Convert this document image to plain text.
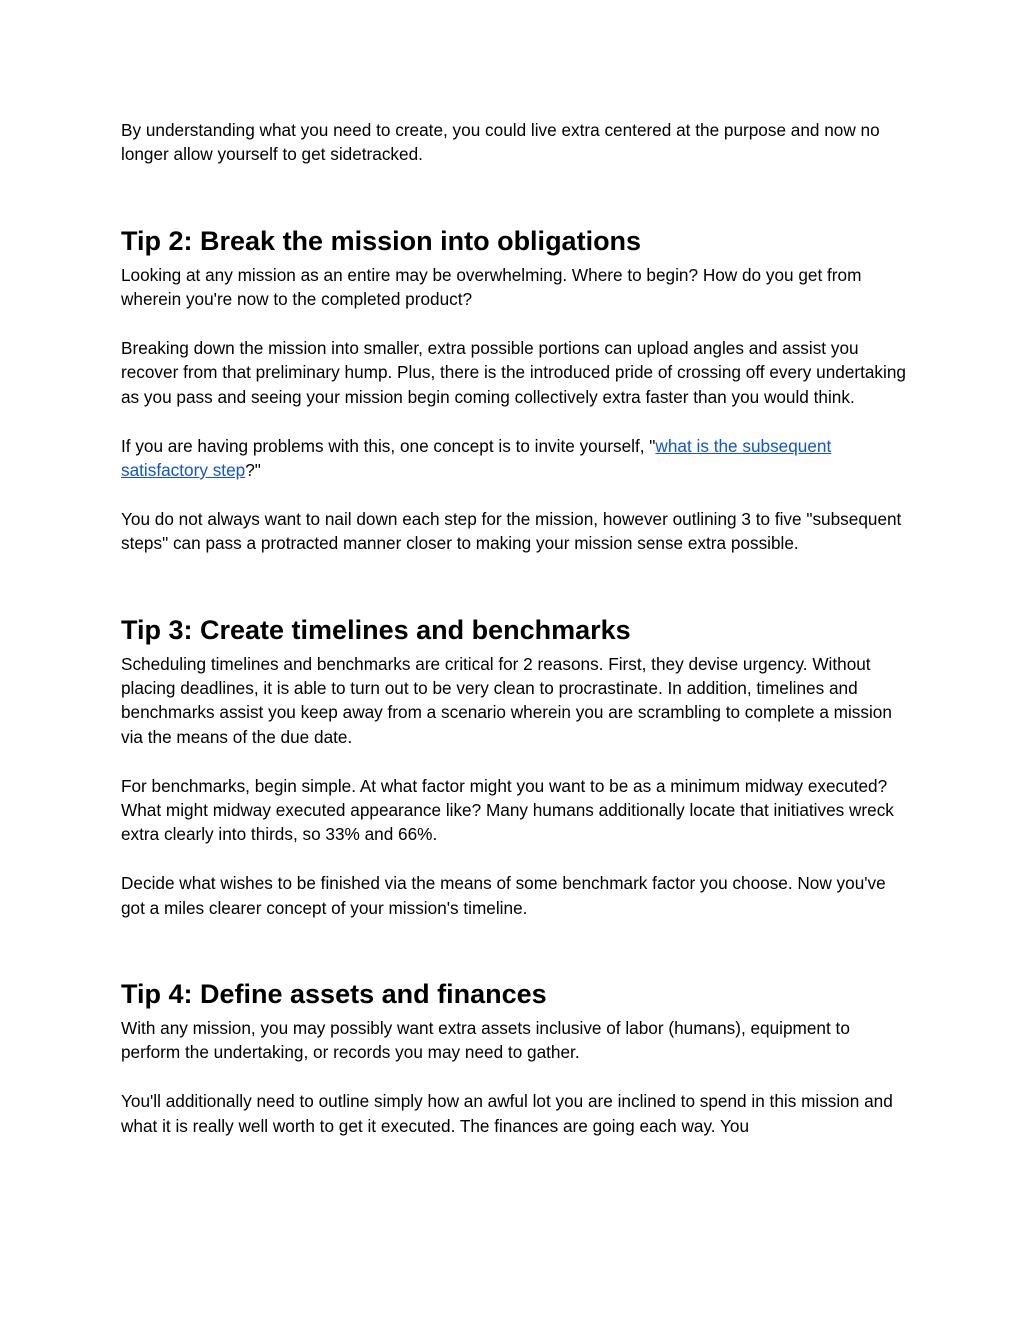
By understanding what you need to create, you could live extra centered at the purpose and now no longer allow yourself to get sidetracked.

Tip 2: Break the mission into obligations

Looking at any mission as an entire may be overwhelming. Where to begin? How do you get from wherein you're now to the completed product?

Breaking down the mission into smaller, extra possible portions can upload angles and assist you recover from that preliminary hump. Plus, there is the introduced pride of crossing off every undertaking as you pass and seeing your mission begin coming collectively extra faster than you would think.

If you are having problems with this, one concept is to invite yourself, "what is the subsequent satisfactory step?"

You do not always want to nail down each step for the mission, however outlining 3 to five "subsequent steps" can pass a protracted manner closer to making your mission sense extra possible.

Tip 3: Create timelines and benchmarks

Scheduling timelines and benchmarks are critical for 2 reasons. First, they devise urgency. Without placing deadlines, it is able to turn out to be very clean to procrastinate. In addition, timelines and benchmarks assist you keep away from a scenario wherein you are scrambling to complete a mission via the means of the due date.

For benchmarks, begin simple. At what factor might you want to be as a minimum midway executed? What might midway executed appearance like? Many humans additionally locate that initiatives wreck extra clearly into thirds, so 33% and 66%.

Decide what wishes to be finished via the means of some benchmark factor you choose. Now you've got a miles clearer concept of your mission's timeline.

Tip 4: Define assets and finances

With any mission, you may possibly want extra assets inclusive of labor (humans), equipment to perform the undertaking, or records you may need to gather.

You'll additionally need to outline simply how an awful lot you are inclined to spend in this mission and what it is really well worth to get it executed. The finances are going each way. You
